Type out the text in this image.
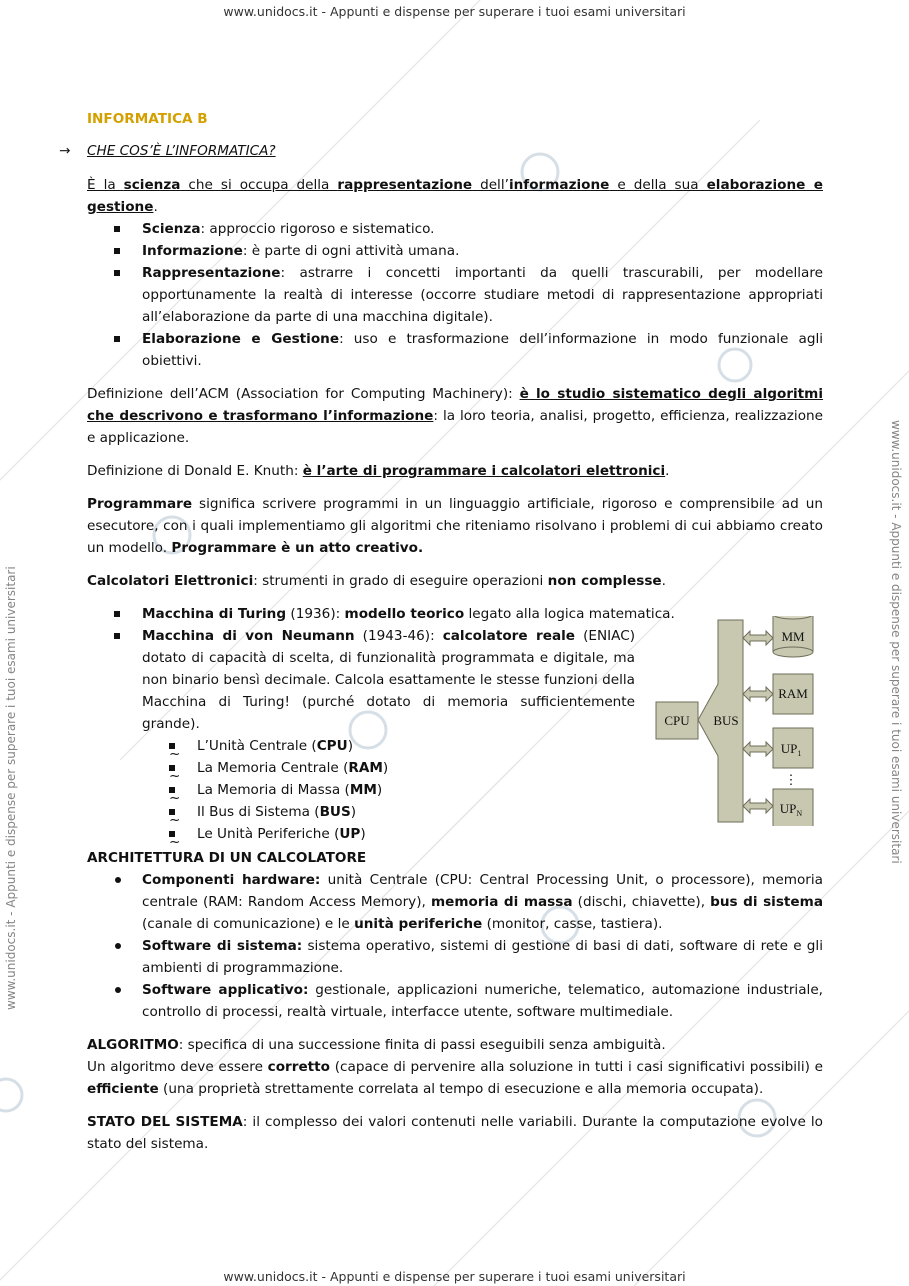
www.unidocs.it - Appunti e dispense per superare i tuoi esami universitari
www.unidocs.it - Appunti e dispense per superare i tuoi esami universitari
www.unidocs.it - Appunti e dispense per superare i tuoi esami universitari	www.unidocs.it - Appunti e dispense per superare i tuoi esami universitari

INFORMATICA B

→ CHE COS’È L’INFORMATICA?

È la scienza che si occupa della rappresentazione dell’informazione e della sua elaborazione e gestione.

Scienza: approccio rigoroso e sistematico.
Informazione: è parte di ogni attività umana.
Rappresentazione: astrarre i concetti importanti da quelli trascurabili, per modellare opportunamente la realtà di interesse (occorre studiare metodi di rappresentazione appropriati all’elaborazione da parte di una macchina digitale).
Elaborazione e Gestione: uso e trasformazione dell’informazione in modo funzionale agli obiettivi.

Definizione dell’ACM (Association for Computing Machinery): è lo studio sistematico degli algoritmi che descrivono e trasformano l’informazione: la loro teoria, analisi, progetto, efficienza, realizzazione e applicazione.

Definizione di Donald E. Knuth: è l’arte di programmare i calcolatori elettronici.

Programmare significa scrivere programmi in un linguaggio artificiale, rigoroso e comprensibile ad un esecutore, con i quali implementiamo gli algoritmi che riteniamo risolvano i problemi di cui abbiamo creato un modello. Programmare è un atto creativo.

Calcolatori Elettronici: strumenti in grado di eseguire operazioni non complesse.

Macchina di Turing (1936): modello teorico legato alla logica matematica.
Macchina di von Neumann (1943-46): calcolatore reale (ENIAC) dotato di capacità di scelta, di funzionalità programmata e digitale, ma non binario bensì decimale. Calcola esattamente le stesse funzioni della Macchina di Turing! (purché dotato di memoria sufficientemente grande).
~ L’Unità Centrale (CPU)
~ La Memoria Centrale (RAM)
~ La Memoria di Massa (MM)
~ Il Bus di Sistema (BUS)
~ Le Unità Periferiche (UP)

ARCHITETTURA DI UN CALCOLATORE

Componenti hardware: unità Centrale (CPU: Central Processing Unit, o processore), memoria centrale (RAM: Random Access Memory), memoria di massa (dischi, chiavette), bus di sistema (canale di comunicazione) e le unità periferiche (monitor, casse, tastiera).
Software di sistema: sistema operativo, sistemi di gestione di basi di dati, software di rete e gli ambienti di programmazione.
Software applicativo: gestionale, applicazioni numeriche, telematico, automazione industriale, controllo di processi, realtà virtuale, interfacce utente, software multimediale.

ALGORITMO: specifica di una successione finita di passi eseguibili senza ambiguità.

Un algoritmo deve essere corretto (capace di pervenire alla soluzione in tutti i casi significativi possibili) e efficiente (una proprietà strettamente correlata al tempo di esecuzione e alla memoria occupata).

STATO DEL SISTEMA: il complesso dei valori contenuti nelle variabili. Durante la computazione evolve lo stato del sistema.

CPU BUS
MM
RAM
$UP_1$
⋮
$UP_N$
